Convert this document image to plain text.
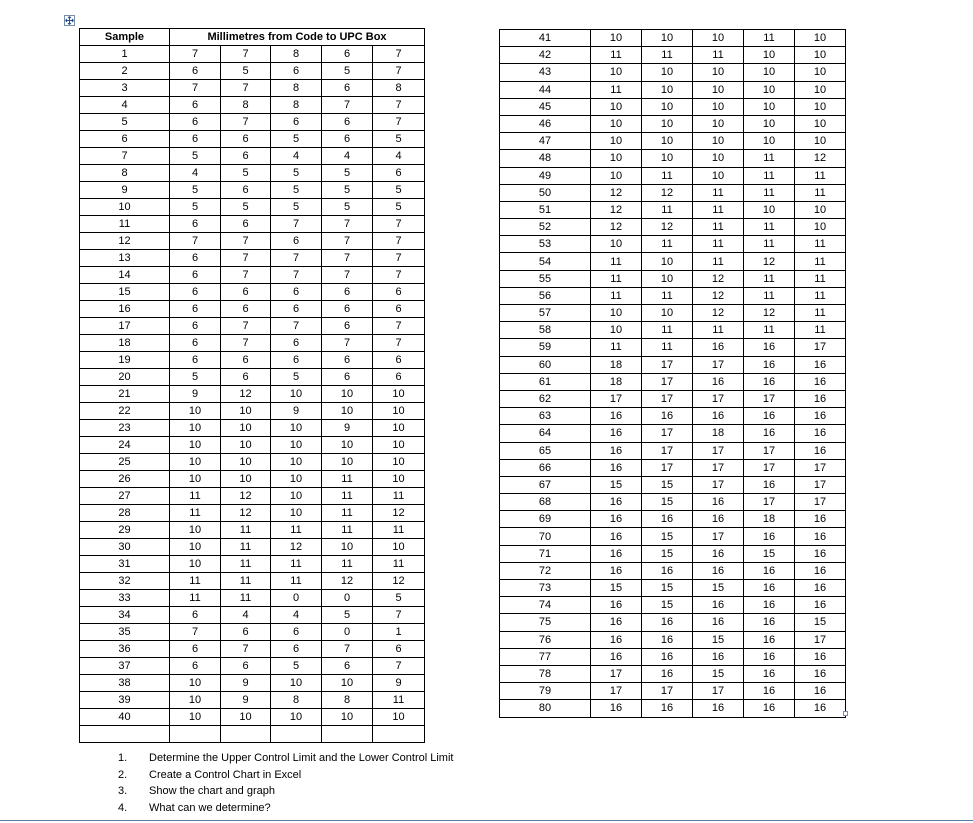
Sample	Millimetres from Code to UPC Box				
1	7	7	8	6	7
2	6	5	6	5	7
3	7	7	8	6	8
4	6	8	8	7	7
5	6	7	6	6	7
6	6	6	5	6	5
7	5	6	4	4	4
8	4	5	5	5	6
9	5	6	5	5	5
10	5	5	5	5	5
11	6	6	7	7	7
12	7	7	6	7	7
13	6	7	7	7	7
14	6	7	7	7	7
15	6	6	6	6	6
16	6	6	6	6	6
17	6	7	7	6	7
18	6	7	6	7	7
19	6	6	6	6	6
20	5	6	5	6	6
21	9	12	10	10	10
22	10	10	9	10	10
23	10	10	10	9	10
24	10	10	10	10	10
25	10	10	10	10	10
26	10	10	10	11	10
27	11	12	10	11	11
28	11	12	10	11	12
29	10	11	11	11	11
30	10	11	12	10	10
31	10	11	11	11	11
32	11	11	11	12	12
33	11	11	0	0	5
34	6	4	4	5	7
35	7	6	6	0	1
36	6	7	6	7	6
37	6	6	5	6	7
38	10	9	10	10	9
39	10	9	8	8	11
40	10	10	10	10	10

41	10	10	10	11	10
42	11	11	11	10	10
43	10	10	10	10	10
44	11	10	10	10	10
45	10	10	10	10	10
46	10	10	10	10	10
47	10	10	10	10	10
48	10	10	10	11	12
49	10	11	10	11	11
50	12	12	11	11	11
51	12	11	11	10	10
52	12	12	11	11	10
53	10	11	11	11	11
54	11	10	11	12	11
55	11	10	12	11	11
56	11	11	12	11	11
57	10	10	12	12	11
58	10	11	11	11	11
59	11	11	16	16	17
60	18	17	17	16	16
61	18	17	16	16	16
62	17	17	17	17	16
63	16	16	16	16	16
64	16	17	18	16	16
65	16	17	17	17	16
66	16	17	17	17	17
67	15	15	17	16	17
68	16	15	16	17	17
69	16	16	16	18	16
70	16	15	17	16	16
71	16	15	16	15	16
72	16	16	16	16	16
73	15	15	15	16	16
74	16	15	16	16	16
75	16	16	16	16	15
76	16	16	15	16	17
77	16	16	16	16	16
78	17	16	15	16	16
79	17	17	17	16	16
80	16	16	16	16	16
1.	Determine the Upper Control Limit and the Lower Control Limit
2.	Create a Control Chart in Excel
3.	Show the chart and graph
4.	What can we determine?
